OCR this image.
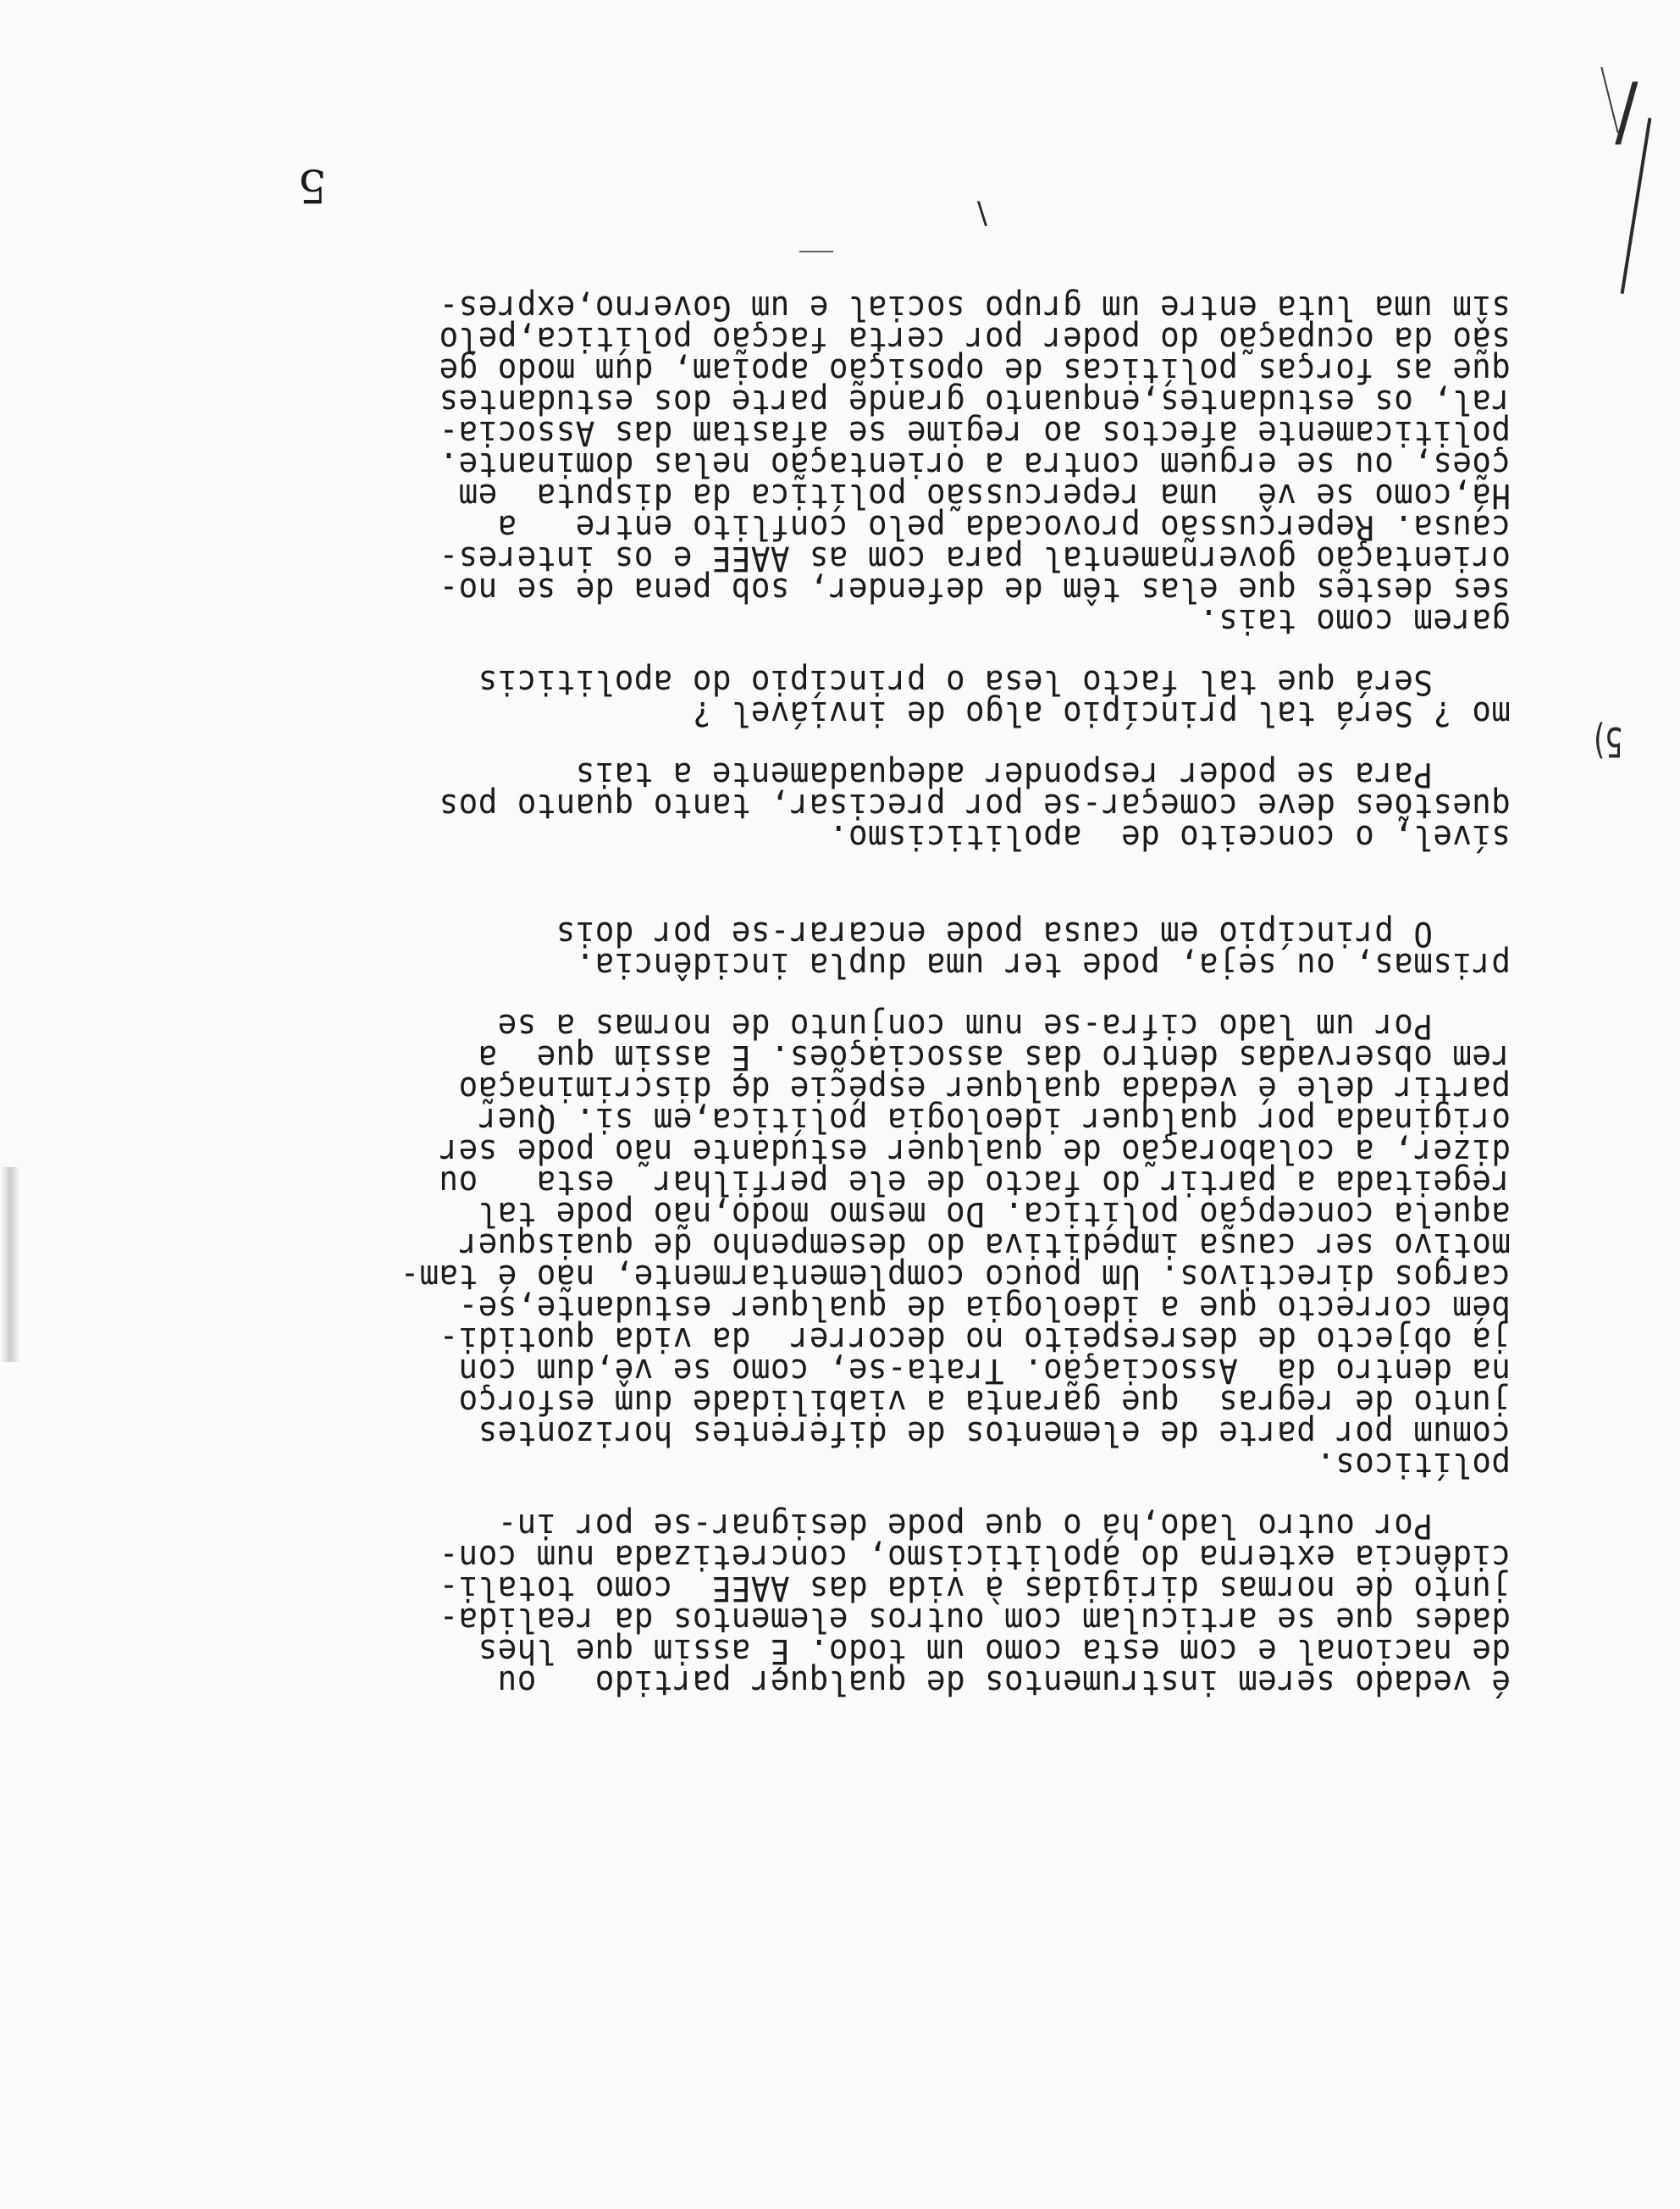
5
/
\
5)
sîm uma luta entre um grupo social e um Governo,expres-
são da ocupação do poder por certa facção política,pelo
que as forças políticas de oposição apoiam, dum modo ge
ral, os estudantes,enquanto grande parte dos estudantes
politicamente afectos ao regime se afastam das Associa-
ções, ou se erguem contra a orientação nelas dominante.
Há,como se vê  uma repercussão política da disputa  em
causa. Repercussão provocada pelo conflito entre   a
orientação governamental para com as AAEE e os interes-
ses destes que elas têm de defender, sob pena de se no-
garem como tais.
Será que tal facto lesa o princípio do apoliticis
mo ? Será tal princípio algo de inviável ?
Para se poder responder adequadamente a tais
questões deve começar-se por precisar, tanto quanto pos
sível, o conceito de  apoliticismo.
O princípio em causa pode encarar-se por dois
prismas, ou seja, pode ter uma dupla incidência.
Por um lado cifra-se num conjunto de normas a se
rem observadas dentro das associações. É assim que  a
partir dele é vedada qualquer espécie de discriminação
originada por qualquer ideologia política,em si. Quer
dizer, a colaboração de qualquer estudante não pode ser
regeitada a partir do facto de ele perfilhar  esta   ou
aquela concepção política. Do mesmo modo,não pode tal
motivo ser causa impeditiva do desempenho de quaisquer
cargos directivos. Um pouco complementarmente, não é tam-
bém correcto que a ideologia de qualquer estudante,se-
ja objecto de desrespeito no decorrer  da vida quotidi-
na dentro da  Associação. Trata-se, como se vê,dum con
junto de regras  que garanta a viabilidade dum esforço
comum por parte de elementos de diferentes horizontes
políticos.
Por outro lado,há o que pode designar-se por in-
cidência externa do apoliticismo, concretizada num con-
junto de normas dirigidas à vida das AAEE  como totali-
dades que se articulam com outros elementos da realida-
de nacional e com esta como um todo. É assim que lhes
é vedado serem instrumentos de qualquer partido   ou
